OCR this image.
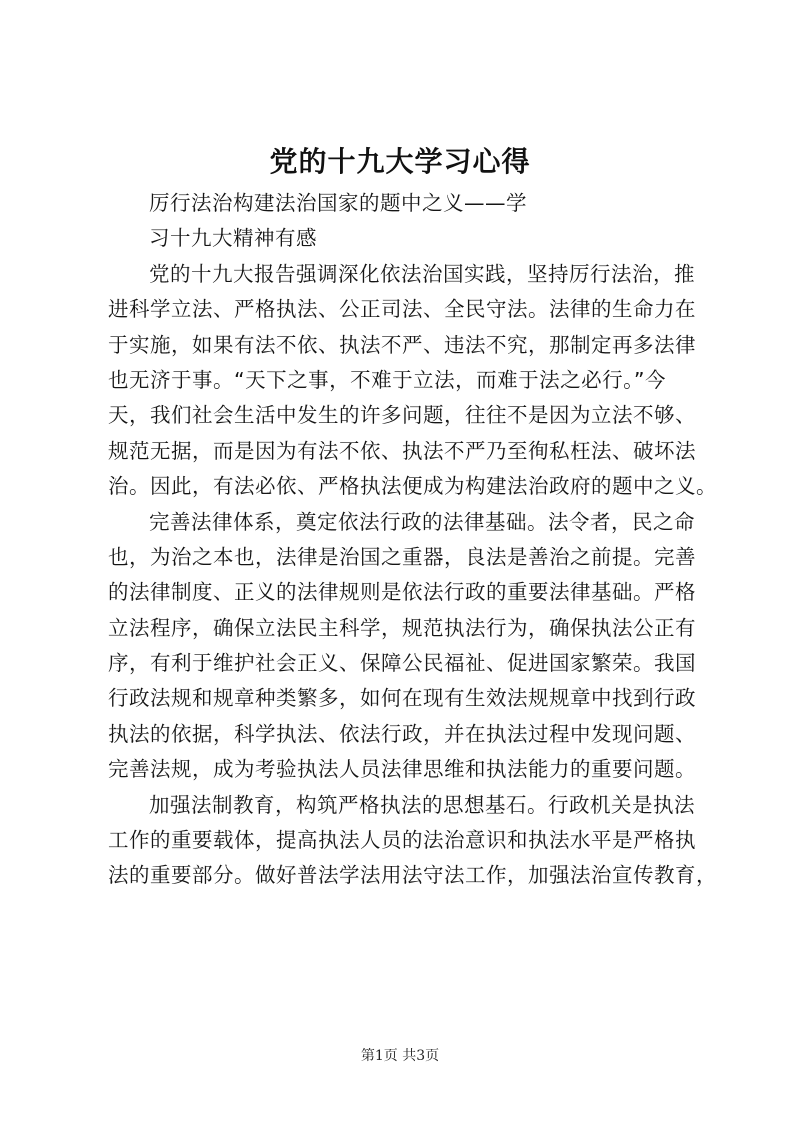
党的十九大学习心得
厉行法治构建法治国家的题中之义——学
习十九大精神有感
党的十九大报告强调深化依法治国实践，坚持厉行法治，推
进科学立法、严格执法、公正司法、全民守法。法律的生命力在
于实施，如果有法不依、执法不严、违法不究，那制定再多法律
也无济于事。“天下之事，不难于立法，而难于法之必行。”今
天，我们社会生活中发生的许多问题，往往不是因为立法不够、
规范无据，而是因为有法不依、执法不严乃至徇私枉法、破坏法
治。因此，有法必依、严格执法便成为构建法治政府的题中之义。
完善法律体系，奠定依法行政的法律基础。法令者，民之命
也，为治之本也，法律是治国之重器，良法是善治之前提。完善
的法律制度、正义的法律规则是依法行政的重要法律基础。严格
立法程序，确保立法民主科学，规范执法行为，确保执法公正有
序，有利于维护社会正义、保障公民福祉、促进国家繁荣。我国
行政法规和规章种类繁多，如何在现有生效法规规章中找到行政
执法的依据，科学执法、依法行政，并在执法过程中发现问题、
完善法规，成为考验执法人员法律思维和执法能力的重要问题。
加强法制教育，构筑严格执法的思想基石。行政机关是执法
工作的重要载体，提高执法人员的法治意识和执法水平是严格执
法的重要部分。做好普法学法用法守法工作，加强法治宣传教育，
第1页 共3页
